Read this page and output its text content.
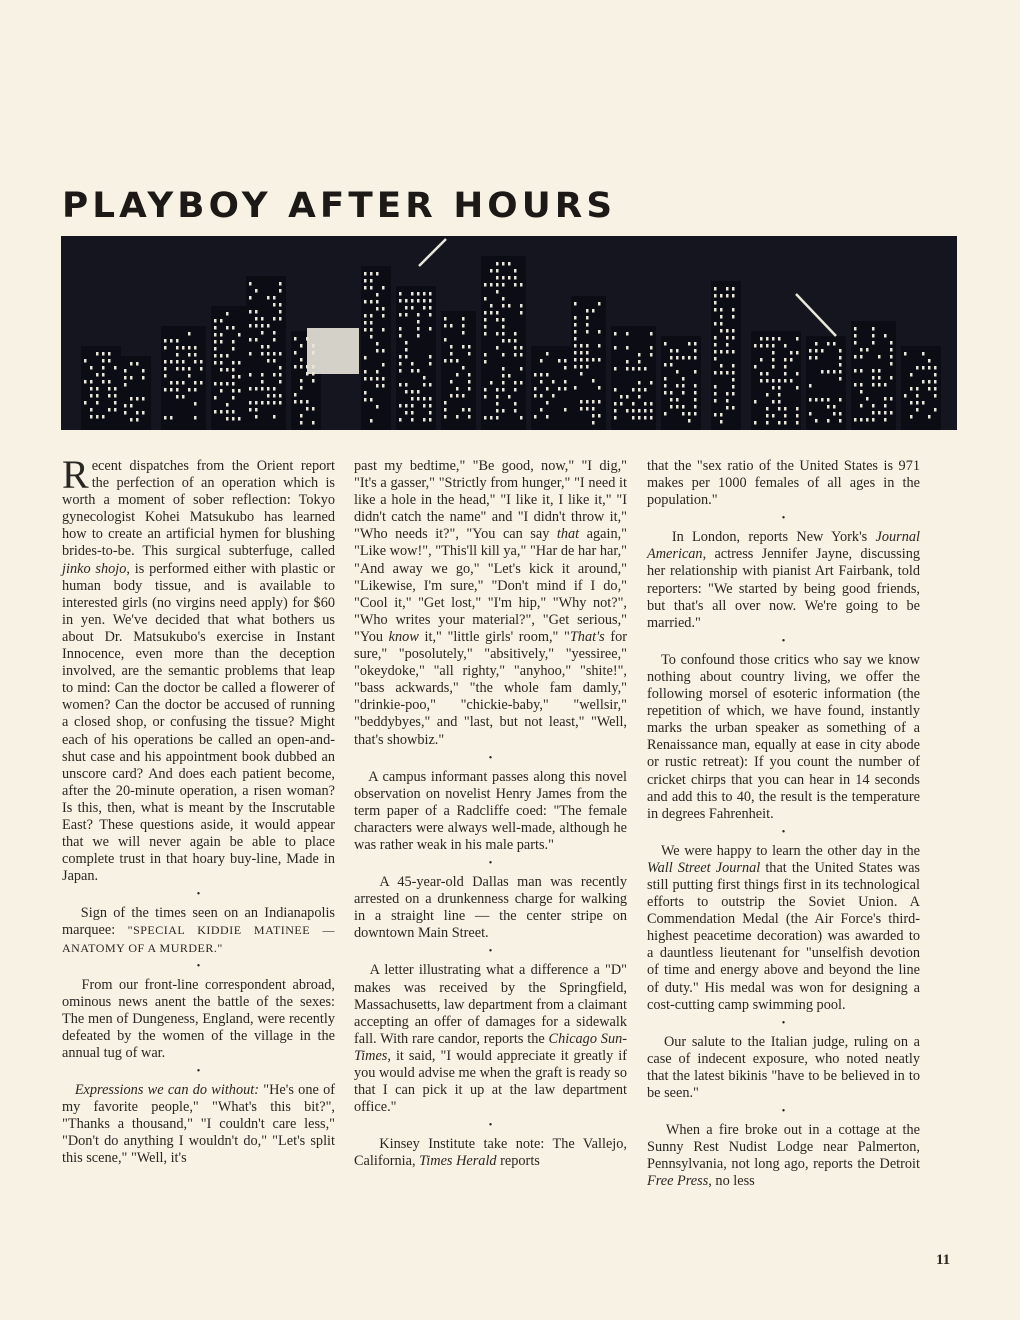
PLAYBOY AFTER HOURS

Recent dispatches from the Orient report the perfection of an operation which is worth a moment of sober reflection: Tokyo gynecologist Kohei Matsukubo has learned how to create an artificial hymen for blushing brides-to-be. This surgical subterfuge, called jinko shojo, is performed either with plastic or human body tissue, and is available to interested girls (no virgins need apply) for $60 in yen. We've decided that what bothers us about Dr. Matsukubo's exercise in Instant Innocence, even more than the deception involved, are the semantic problems that leap to mind: Can the doctor be called a flowerer of women? Can the doctor be accused of running a closed shop, or confusing the tissue? Might each of his operations be called an open-and-shut case and his appointment book dubbed an unscore card? And does each patient become, after the 20-minute operation, a risen woman? Is this, then, what is meant by the Inscrutable East? These questions aside, it would appear that we will never again be able to place complete trust in that hoary buy-line, Made in Japan.

•

Sign of the times seen on an Indianapolis marquee: "SPECIAL KIDDIE MATINEE — ANATOMY OF A MURDER."

•

From our front-line correspondent abroad, ominous news anent the battle of the sexes: The men of Dungeness, England, were recently defeated by the women of the village in the annual tug of war.

•

Expressions we can do without: "He's one of my favorite people," "What's this bit?", "Thanks a thousand," "I couldn't care less," "Don't do anything I wouldn't do," "Let's split this scene," "Well, it's

past my bedtime," "Be good, now," "I dig," "It's a gasser," "Strictly from hunger," "I need it like a hole in the head," "I like it, I like it," "I didn't catch the name" and "I didn't throw it," "Who needs it?", "You can say that again," "Like wow!", "This'll kill ya," "Har de har har," "And away we go," "Let's kick it around," "Likewise, I'm sure," "Don't mind if I do," "Cool it," "Get lost," "I'm hip," "Why not?", "Who writes your material?", "Get serious," "You know it," "little girls' room," "That's for sure," "posolutely," "absitively," "yessiree," "okeydoke," "all righty," "anyhoo," "shite!", "bass ackwards," "the whole fam damly," "drinkie-poo," "chickie-baby," "wellsir," "beddybyes," and "last, but not least," "Well, that's showbiz."

•

A campus informant passes along this novel observation on novelist Henry James from the term paper of a Radcliffe coed: "The female characters were always well-made, although he was rather weak in his male parts."

•

A 45-year-old Dallas man was recently arrested on a drunkenness charge for walking in a straight line — the center stripe on downtown Main Street.

•

A letter illustrating what a difference a "D" makes was received by the Springfield, Massachusetts, law department from a claimant accepting an offer of damages for a sidewalk fall. With rare candor, reports the Chicago Sun-Times, it said, "I would appreciate it greatly if you would advise me when the graft is ready so that I can pick it up at the law department office."

•

Kinsey Institute take note: The Vallejo, California, Times Herald reports

that the "sex ratio of the United States is 971 makes per 1000 females of all ages in the population."

•

In London, reports New York's Journal American, actress Jennifer Jayne, discussing her relationship with pianist Art Fairbank, told reporters: "We started by being good friends, but that's all over now. We're going to be married."

•

To confound those critics who say we know nothing about country living, we offer the following morsel of esoteric information (the repetition of which, we have found, instantly marks the urban speaker as something of a Renaissance man, equally at ease in city abode or rustic retreat): If you count the number of cricket chirps that you can hear in 14 seconds and add this to 40, the result is the temperature in degrees Fahrenheit.

•

We were happy to learn the other day in the Wall Street Journal that the United States was still putting first things first in its technological efforts to outstrip the Soviet Union. A Commendation Medal (the Air Force's third-highest peacetime decoration) was awarded to a dauntless lieutenant for "unselfish devotion of time and energy above and beyond the line of duty." His medal was won for designing a cost-cutting camp swimming pool.

•

Our salute to the Italian judge, ruling on a case of indecent exposure, who noted neatly that the latest bikinis "have to be believed in to be seen."

•

When a fire broke out in a cottage at the Sunny Rest Nudist Lodge near Palmerton, Pennsylvania, not long ago, reports the Detroit Free Press, no less

11
